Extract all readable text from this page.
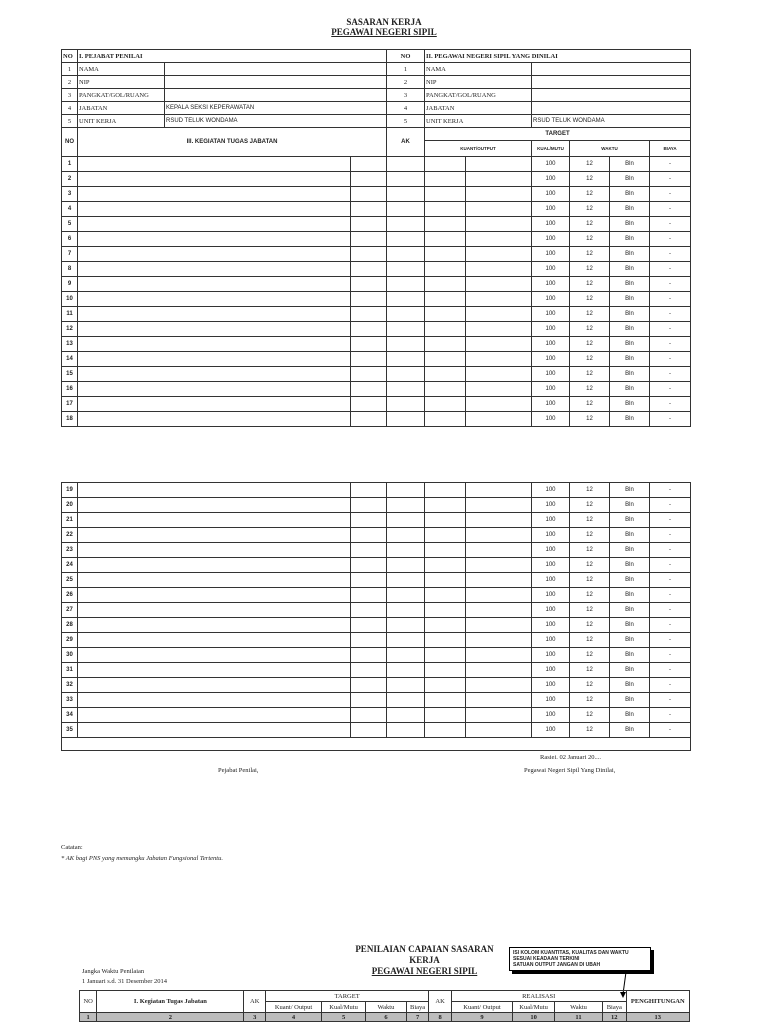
SASARAN KERJA
PEGAWAI NEGERI SIPIL
NO	I. PEJABAT PENILAI		NO	II. PEGAWAI NEGERI SIPIL YANG DINILAI	
1	NAMA		1	NAMA	
2	NIP		2	NIP	
3	PANGKAT/GOL/RUANG		3	PANGKAT/GOL/RUANG	
4	JABATAN	KEPALA SEKSI KEPERAWATAN	4	JABATAN	
5	UNIT KERJA	RSUD TELUK WONDAMA	5	UNIT KERJA	RSUD TELUK WONDAMA
NO	III. KEGIATAN TUGAS JABATAN		AK	TARGET					
				KUANT/OUTPUT		KUAL/MUTU	WAKTU		BIAYA
1						100	12	Bln	-
2						100	12	Bln	-
3						100	12	Bln	-
4						100	12	Bln	-
5						100	12	Bln	-
6						100	12	Bln	-
7						100	12	Bln	-
8						100	12	Bln	-
9						100	12	Bln	-
10						100	12	Bln	-
11						100	12	Bln	-
12						100	12	Bln	-
13						100	12	Bln	-
14						100	12	Bln	-
15						100	12	Bln	-
16						100	12	Bln	-
17						100	12	Bln	-
18						100	12	Bln	-
19						100	12	Bln	-
20						100	12	Bln	-
21						100	12	Bln	-
22						100	12	Bln	-
23						100	12	Bln	-
24						100	12	Bln	-
25						100	12	Bln	-
26						100	12	Bln	-
27						100	12	Bln	-
28						100	12	Bln	-
29						100	12	Bln	-
30						100	12	Bln	-
31						100	12	Bln	-
32						100	12	Bln	-
33						100	12	Bln	-
34						100	12	Bln	-
35						100	12	Bln	-

Rasiei. 02 Januari 20....
Pejabat Penilai,	Pegawai Negeri Sipil Yang Dinilai,
Catatan:
* AK bagi PNS yang memangku Jabatan Fungsional Tertentu.
PENILAIAN CAPAIAN SASARAN KERJA
PEGAWAI NEGERI SIPIL
ISI KOLOM KUANTITAS, KUALITAS DAN WAKTU
SESUAI KEADAAN TERKINI
SATUAN OUTPUT JANGAN DI UBAH
Jangka Waktu Penilaian
1 Januari s.d. 31 Desember 2014
NO	I. Kegiatan Tugas Jabatan	AK	TARGET				AK	REALISASI				PENGHITUNGAN
			Kuant/ Output	Kual/Mutu	Waktu	Biaya		Kuant/ Output	Kual/Mutu	Waktu	Biaya	
1	2	3	4	5	6	7	8	9	10	11	12	13
